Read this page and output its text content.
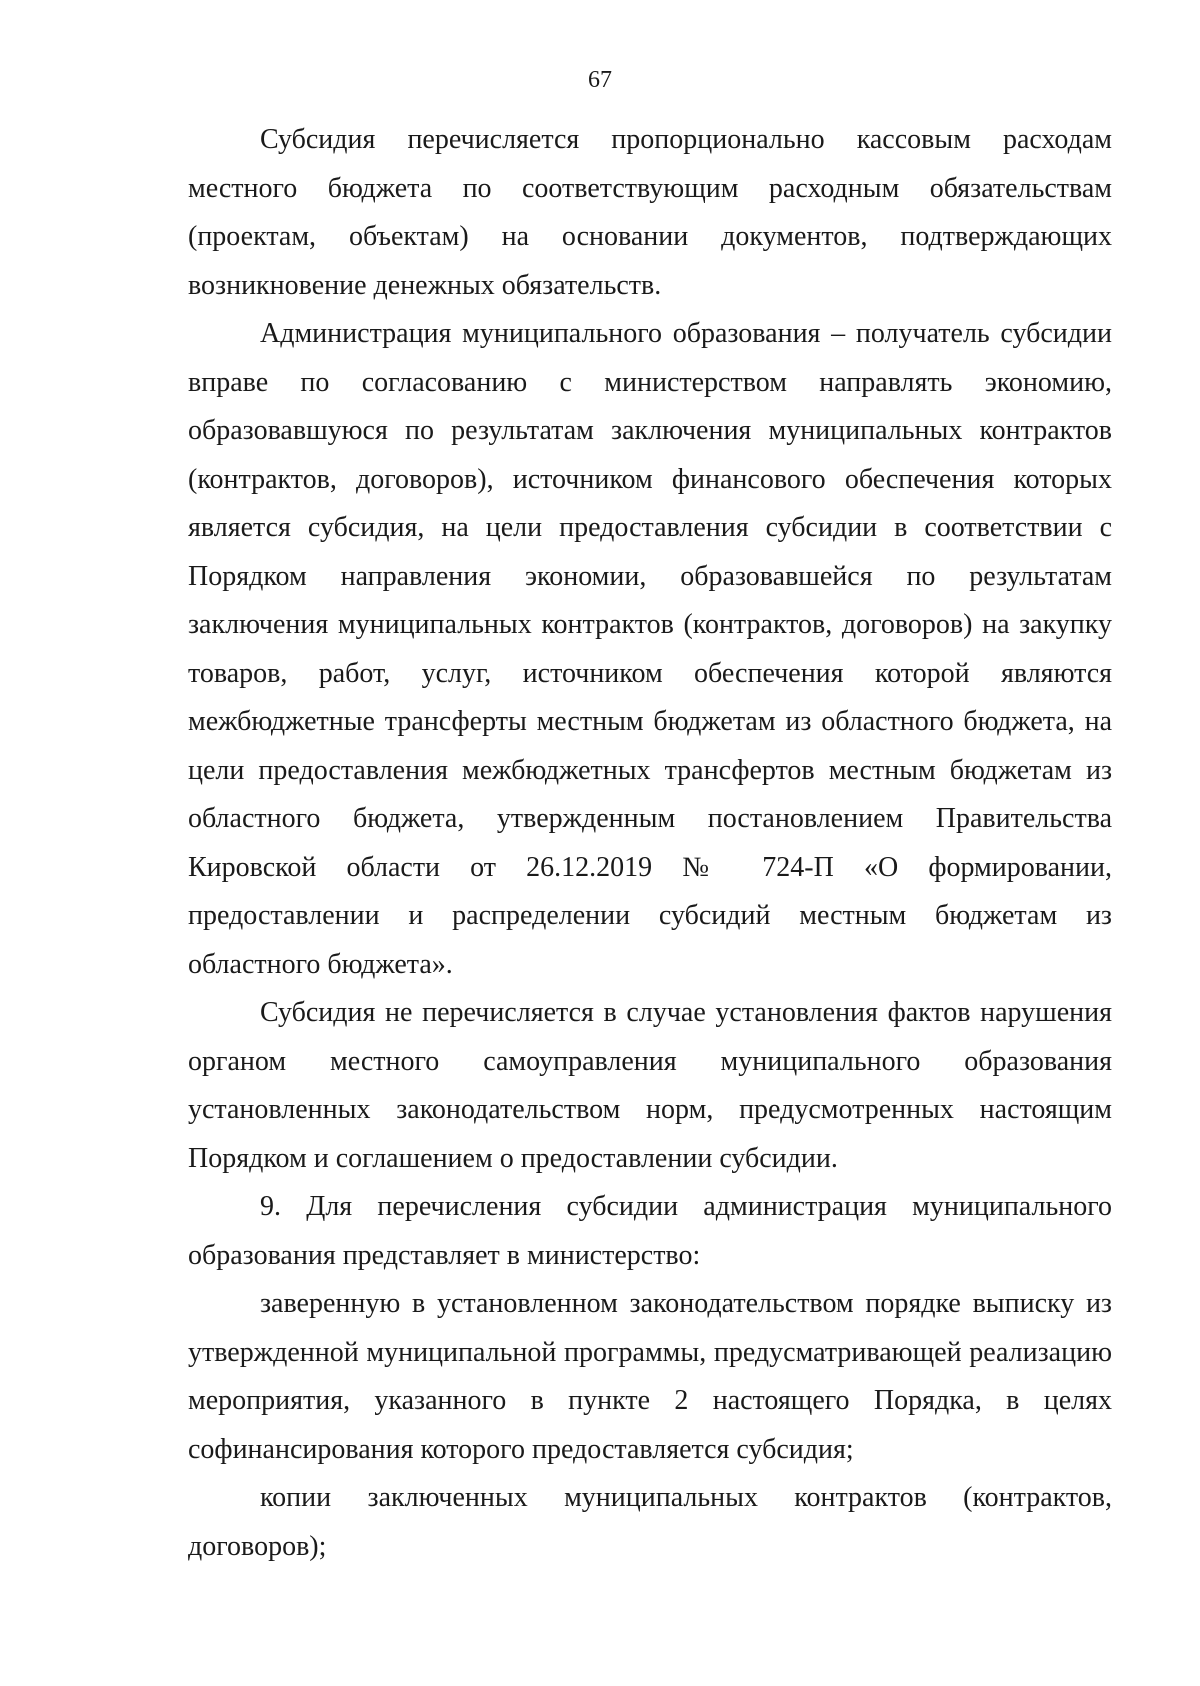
67

Субсидия перечисляется пропорционально кассовым расходам местного бюджета по соответствующим расходным обязательствам (проектам, объектам) на основании документов, подтверждающих возникновение денежных обязательств.

Администрация муниципального образования – получатель субсидии вправе по согласованию с министерством направлять экономию, образовавшуюся по результатам заключения муниципальных контрактов (контрактов, договоров), источником финансового обеспечения которых является субсидия, на цели предоставления субсидии в соответствии с Порядком направления экономии, образовавшейся по результатам заключения муниципальных контрактов (контрактов, договоров) на закупку товаров, работ, услуг, источником обеспечения которой являются межбюджетные трансферты местным бюджетам из областного бюджета, на цели предоставления межбюджетных трансфертов местным бюджетам из областного бюджета, утвержденным постановлением Правительства Кировской области от 26.12.2019 № 724-П «О формировании, предоставлении и распределении субсидий местным бюджетам из областного бюджета».

Субсидия не перечисляется в случае установления фактов нарушения органом местного самоуправления муниципального образования установленных законодательством норм, предусмотренных настоящим Порядком и соглашением о предоставлении субсидии.

9. Для перечисления субсидии администрация муниципального образования представляет в министерство:

заверенную в установленном законодательством порядке выписку из утвержденной муниципальной программы, предусматривающей реализацию мероприятия, указанного в пункте 2 настоящего Порядка, в целях софинансирования которого предоставляется субсидия;

копии заключенных муниципальных контрактов (контрактов, договоров);
